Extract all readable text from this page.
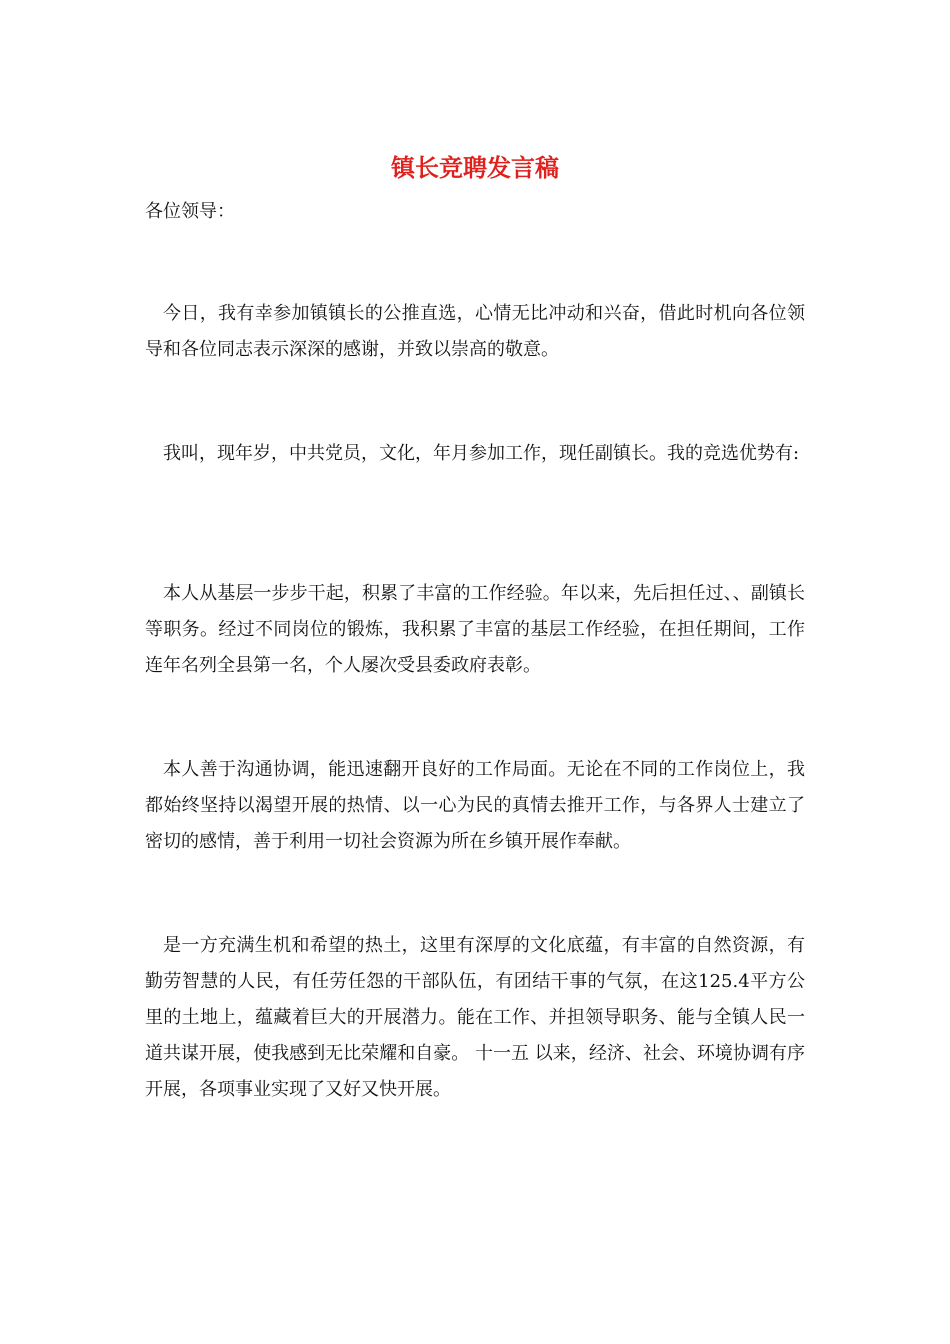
镇长竞聘发言稿

各位领导：

今日，我有幸参加镇镇长的公推直选，心情无比冲动和兴奋，借此时机向各位领导和各位同志表示深深的感谢，并致以崇高的敬意。

我叫，现年岁，中共党员，文化，年月参加工作，现任副镇长。我的竞选优势有:

本人从基层一步步干起，积累了丰富的工作经验。年以来，先后担任过、、副镇长等职务。经过不同岗位的锻炼，我积累了丰富的基层工作经验，在担任期间，工作连年名列全县第一名，个人屡次受县委政府表彰。

本人善于沟通协调，能迅速翻开良好的工作局面。无论在不同的工作岗位上，我都始终坚持以渴望开展的热情、以一心为民的真情去推开工作，与各界人士建立了密切的感情，善于利用一切社会资源为所在乡镇开展作奉献。

是一方充满生机和希望的热土，这里有深厚的文化底蕴，有丰富的自然资源，有勤劳智慧的人民，有任劳任怨的干部队伍，有团结干事的气氛，在这125.4平方公里的土地上，蕴藏着巨大的开展潜力。能在工作、并担领导职务、能与全镇人民一道共谋开展，使我感到无比荣耀和自豪。 十一五 以来，经济、社会、环境协调有序开展，各项事业实现了又好又快开展。
